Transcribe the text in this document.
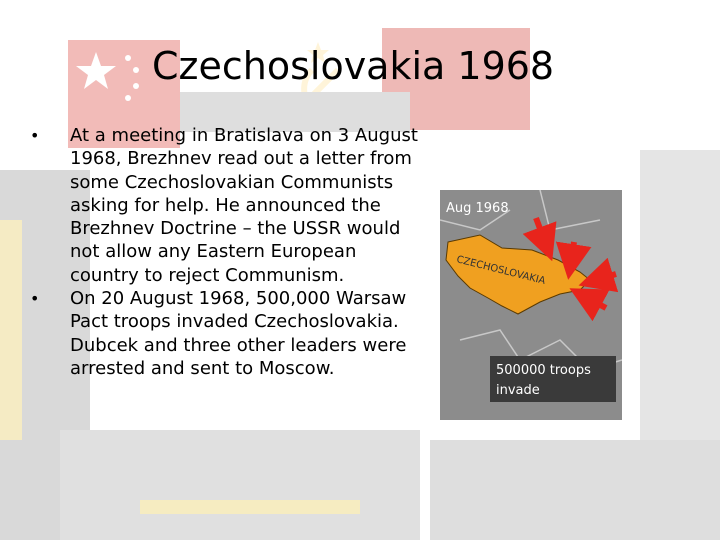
Czechoslovakia 1968
•	At a meeting in Bratislava on 3 August 1968, Brezhnev read out a letter from some Czechoslovakian Communists asking for help. He announced the Brezhnev Doctrine – the USSR would not allow any Eastern European country to reject Communism.
•	On 20 August 1968, 500,000 Warsaw Pact troops invaded Czechoslovakia. Dubcek and three other leaders were arrested and sent to Moscow.
Aug 1968
CZECHOSLOVAKIA
500000 troops
invade
